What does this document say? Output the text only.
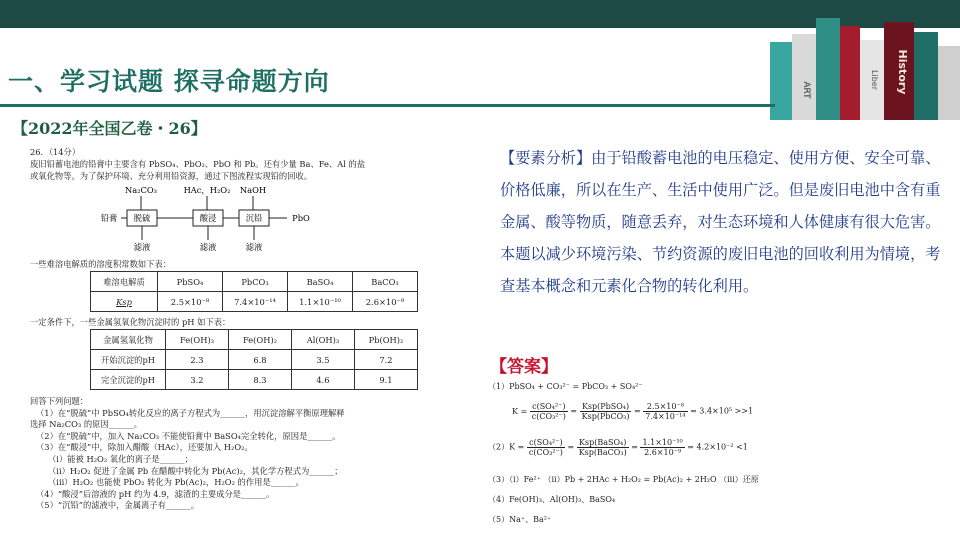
ART
Liber History
一、学习试题 探寻命题方向
【2022年全国乙卷・26】

26．（14分）

废旧铅蓄电池的铅膏中主要含有 PbSO₄、PbO₂、PbO 和 Pb。还有少量 Ba、Fe、Al 的盐

或氧化物等。为了保护环境、充分利用铅资源，通过下图流程实现铅的回收。

Na₂CO₃	HAc，H₂O₂ NaOH
铅膏 脱硫	酸浸	沉铅	PbO
滤液	滤液	滤液

一些难溶电解质的溶度积常数如下表：

难溶电解质	PbSO₄	PbCO₃	BaSO₄	BaCO₃
Ksp	2.5×10⁻⁸	7.4×10⁻¹⁴	1.1×10⁻¹⁰	2.6×10⁻⁹

一定条件下，一些金属氢氧化物沉淀时的 pH 如下表：

金属氢氧化物	Fe(OH)₃	Fe(OH)₂	Al(OH)₃	Pb(OH)₂
开始沉淀的pH	2.3	6.8	3.5	7.2
完全沉淀的pH	3.2	8.3	4.6	9.1

回答下列问题：

（1）在“脱硫”中 PbSO₄转化反应的离子方程式为______，用沉淀溶解平衡原理解释

选择 Na₂CO₃ 的原因______。

（2）在“脱硫”中，加入 Na₂CO₃ 不能使铅膏中 BaSO₄完全转化，原因是______。

（3）在“酸浸”中，除加入醋酸（HAc），还要加入 H₂O₂。

（i）能被 H₂O₂ 氧化的离子是______；

（ii）H₂O₂ 促进了金属 Pb 在醋酸中转化为 Pb(Ac)₂，其化学方程式为______；

（iii）H₂O₂ 也能使 PbO₂ 转化为 Pb(Ac)₂，H₂O₂ 的作用是______。

（4）“酸浸”后溶液的 pH 约为 4.9，滤渣的主要成分是______。

（5）“沉铅”的滤液中，金属离子有______。

【要素分析】由于铅酸蓄电池的电压稳定、使用方便、安全可靠、价格低廉，所以在生产、生活中使用广泛。但是废旧电池中含有重金属、酸等物质，随意丢弃，对生态环境和人体健康有很大危害。本题以减少环境污染、节约资源的废旧电池的回收利用为情境，考查基本概念和元素化合物的转化利用。
【答案】
（1）PbSO₄ + CO₃²⁻ = PbCO₃ + SO₄²⁻
$K = \frac{\text{c(SO₄²⁻)}}{\text{c(CO₃²⁻)}} = \frac{\text{Ksp(PbSO₄)}}{\text{Ksp(PbCO₃)}} = \frac{\text{2.5×10⁻⁸}}{\text{7.4×10⁻¹⁴}} = 3.4\times 10^5 >>1$
$(2)K = \frac{\text{c(SO₄²⁻)}}{\text{c(CO₃²⁻)}} = \frac{\text{Ksp(BaSO₄)}}{\text{Ksp(BaCO₃)}} = \frac{\text{1.1×10⁻¹⁰}}{\text{2.6×10⁻⁹}} = 4.2\times 10^{-2} <1$
（3）（i）Fe²⁺ （ii）Pb + 2HAc + H₂O₂ = Pb(Ac)₂ + 2H₂O （iii）还原
（4）Fe(OH)₃、Al(OH)₃、BaSO₄
（5）Na⁺、Ba²⁺
